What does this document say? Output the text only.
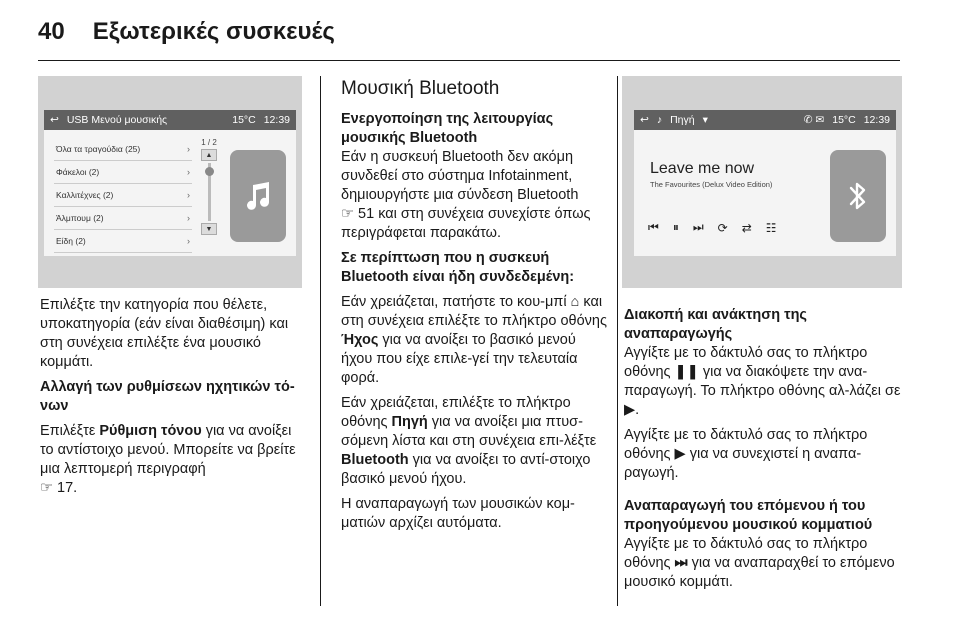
40 Εξωτερικές συσκευές
↩ USB Μενού μουσικής	15°C 12:39
Όλα τα τραγούδια (25)	›
Φάκελοι (2)	›
Καλλιτέχνες (2)	›
Άλμπουμ (2)	›
Είδη (2)	›
1 / 2
▲
▼

Επιλέξτε την κατηγορία που θέλετε, υποκατηγορία (εάν είναι διαθέσιμη) και στη συνέχεια επιλέξτε ένα μουσικό κομμάτι.

Αλλαγή των ρυθμίσεων ηχητικών τό-νων

Επιλέξτε Ρύθμιση τόνου για να ανοίξει το αντίστοιχο μενού. Μπορείτε να βρείτε μια λεπτομερή περιγραφή
☞ 17.

Μουσική Bluetooth

Ενεργοποίηση της λειτουργίας μουσικής Bluetooth
Εάν η συσκευή Bluetooth δεν ακόμη συνδεθεί στο σύστημα Infotainment, δημιουργήστε μια σύνδεση Bluetooth
☞ 51 και στη συνέχεια συνεχίστε όπως περιγράφεται παρακάτω.

Σε περίπτωση που η συσκευή Bluetooth είναι ήδη συνδεδεμένη:

Εάν χρειάζεται, πατήστε το κου-μπί ⌂ και στη συνέχεια επιλέξτε το πλήκτρο οθόνης Ήχος για να ανοίξει το βασικό μενού ήχου που είχε επιλε-γεί την τελευταία φορά.

Εάν χρειάζεται, επιλέξτε το πλήκτρο οθόνης Πηγή για να ανοίξει μια πτυσ-σόμενη λίστα και στη συνέχεια επι-λέξτε Bluetooth για να ανοίξει το αντί-στοιχο βασικό μενού ήχου.

Η αναπαραγωγή των μουσικών κομ-ματιών αρχίζει αυτόματα.

↩ ♪ Πηγή ▾	✆ ✉ 15°C 12:39
Leave me now
The Favourites (Delux Video Edition)
⏮ ⏸ ⏭ ⟳ ⇄ ☷

Διακοπή και ανάκτηση της αναπαραγωγής

Αγγίξτε με το δάκτυλό σας το πλήκτρο οθόνης ❚❚ για να διακόψετε την ανα-παραγωγή. Το πλήκτρο οθόνης αλ-λάζει σε ▶.

Αγγίξτε με το δάκτυλό σας το πλήκτρο οθόνης ▶ για να συνεχιστεί η αναπα-ραγωγή.

Αναπαραγωγή του επόμενου ή του προηγούμενου μουσικού κομματιού

Αγγίξτε με το δάκτυλό σας το πλήκτρο οθόνης ⏭ για να αναπαραχθεί το επόμενο μουσικό κομμάτι.
